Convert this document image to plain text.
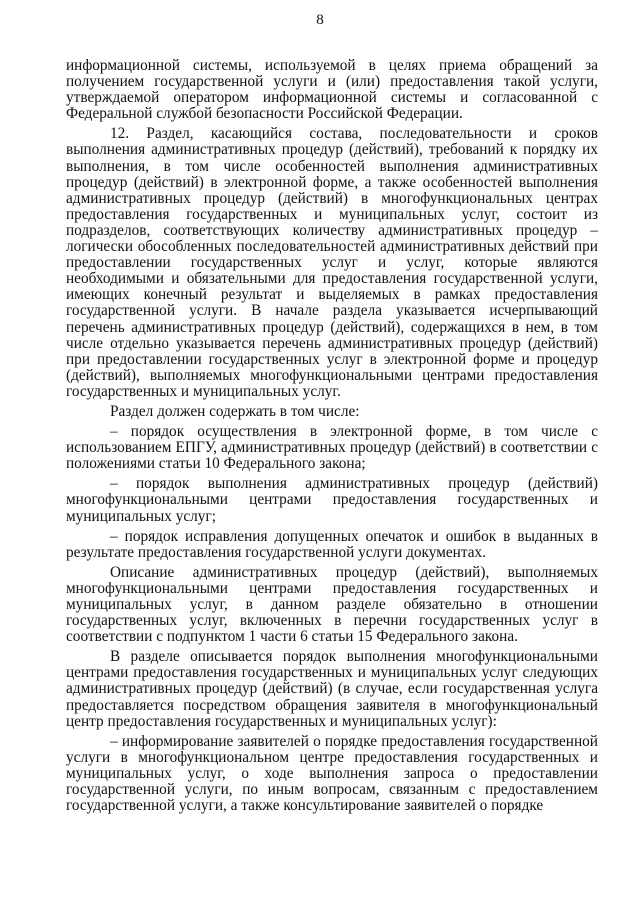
8

информационной системы, используемой в целях приема обращений за получением государственной услуги и (или) предоставления такой услуги, утверждаемой оператором информационной системы и согласованной с Федеральной службой безопасности Российской Федерации.

12. Раздел, касающийся состава, последовательности и сроков выполнения административных процедур (действий), требований к порядку их выполнения, в том числе особенностей выполнения административных процедур (действий) в электронной форме, а также особенностей выполнения административных процедур (действий) в многофункциональных центрах предоставления государственных и муниципальных услуг, состоит из подразделов, соответствующих количеству административных процедур – логически обособленных последовательностей административных действий при предоставлении государственных услуг и услуг, которые являются необходимыми и обязательными для предоставления государственной услуги, имеющих конечный результат и выделяемых в рамках предоставления государственной услуги. В начале раздела указывается исчерпывающий перечень административных процедур (действий), содержащихся в нем, в том числе отдельно указывается перечень административных процедур (действий) при предоставлении государственных услуг в электронной форме и процедур (действий), выполняемых многофункциональными центрами предоставления государственных и муниципальных услуг.

Раздел должен содержать в том числе:

– порядок осуществления в электронной форме, в том числе с использованием ЕПГУ, административных процедур (действий) в соответствии с положениями статьи 10 Федерального закона;

– порядок выполнения административных процедур (действий) многофункциональными центрами предоставления государственных и муниципальных услуг;

– порядок исправления допущенных опечаток и ошибок в выданных в результате предоставления государственной услуги документах.

Описание административных процедур (действий), выполняемых многофункциональными центрами предоставления государственных и муниципальных услуг, в данном разделе обязательно в отношении государственных услуг, включенных в перечни государственных услуг в соответствии с подпунктом 1 части 6 статьи 15 Федерального закона.

В разделе описывается порядок выполнения многофункциональными центрами предоставления государственных и муниципальных услуг следующих административных процедур (действий) (в случае, если государственная услуга предоставляется посредством обращения заявителя в многофункциональный центр предоставления государственных и муниципальных услуг):

– информирование заявителей о порядке предоставления государственной услуги в многофункциональном центре предоставления государственных и муниципальных услуг, о ходе выполнения запроса о предоставлении государственной услуги, по иным вопросам, связанным с предоставлением государственной услуги, а также консультирование заявителей о порядке
